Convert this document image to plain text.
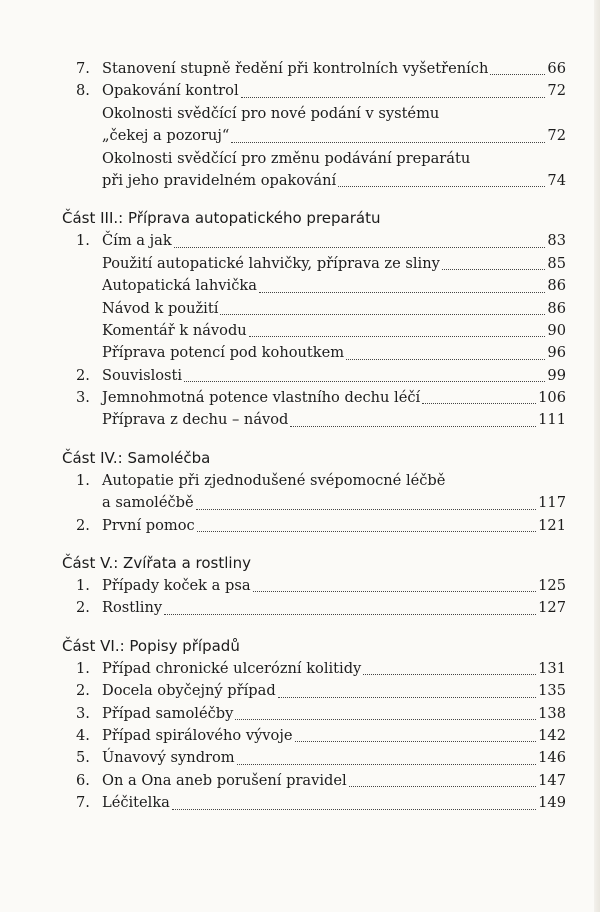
7. Stanovení stupně ředění při kontrolních vyšetřeních	66
8. Opakování kontrol	72
Okolnosti svědčící pro nové podání v systému
„čekej a pozoruj“	72
Okolnosti svědčící pro změnu podávání preparátu
při jeho pravidelném opakování	74
Část III.: Příprava autopatického preparátu
1. Čím a jak	83
Použití autopatické lahvičky, příprava ze sliny	85
Autopatická lahvička	86
Návod k použití	86
Komentář k návodu	90
Příprava potencí pod kohoutkem	96
2. Souvislosti	99
3. Jemnohmotná potence vlastního dechu léčí	106
Příprava z dechu – návod	111
Část IV.: Samoléčba
1. Autopatie při zjednodušené svépomocné léčbě
a samoléčbě	117
2. První pomoc	121
Část V.: Zvířata a rostliny
1. Případy koček a psa	125
2. Rostliny	127
Část VI.: Popisy případů
1. Případ chronické ulcerózní kolitidy	131
2. Docela obyčejný případ	135
3. Případ samoléčby	138
4. Případ spirálového vývoje	142
5. Únavový syndrom	146
6. On a Ona aneb porušení pravidel	147
7. Léčitelka	149
